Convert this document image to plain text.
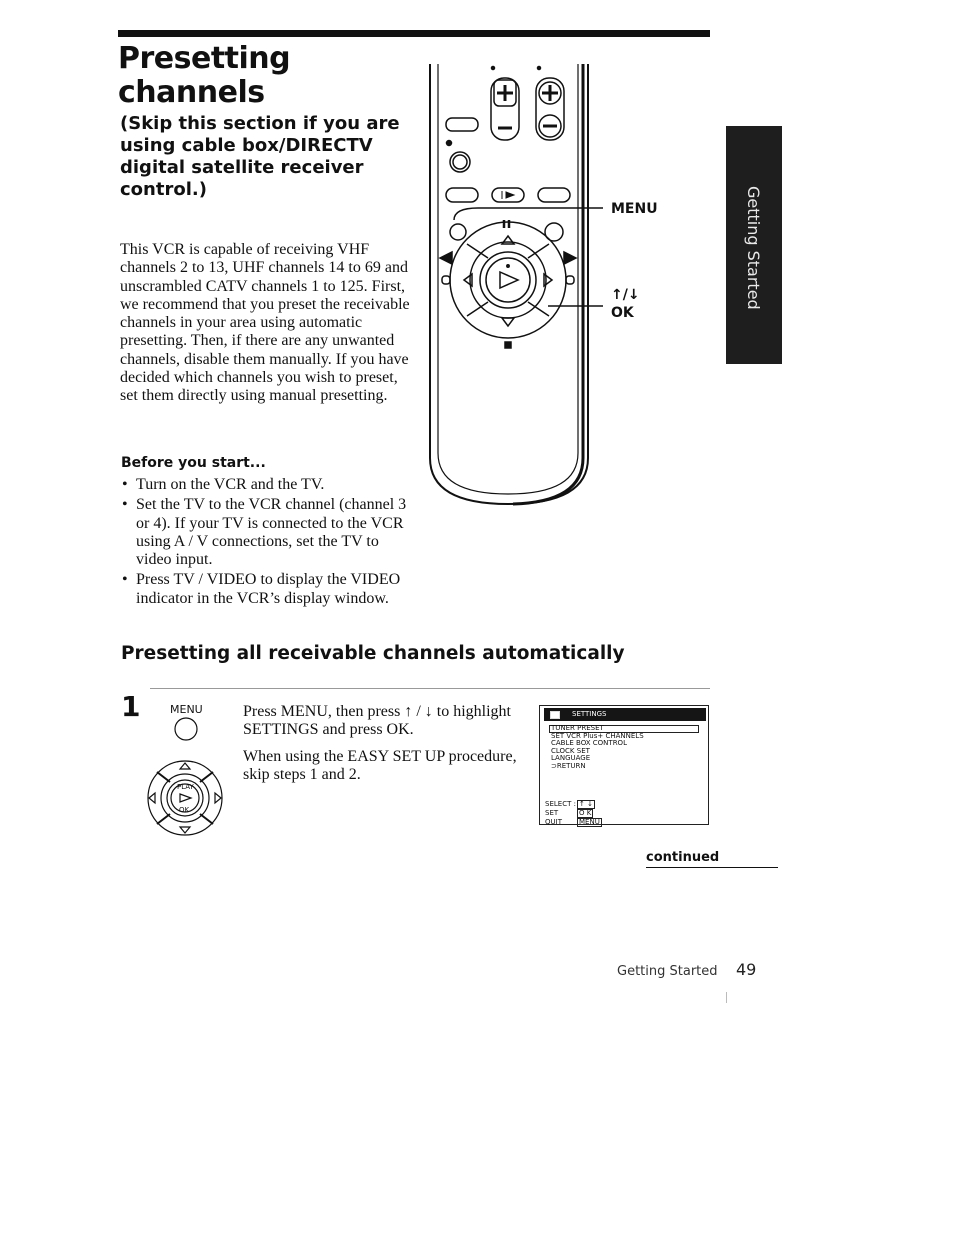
Presetting
channels

(Skip this section if you are using cable box/DIRECTV digital satellite receiver control.)

This VCR is capable of receiving VHF channels 2 to 13, UHF channels 14 to 69 and unscrambled CATV channels 1 to 125. First, we recommend that you preset the receivable channels in your area using automatic presetting. Then, if there are any unwanted channels, disable them manually. If you have decided which channels you wish to preset, set them directly using manual presetting.

Before you start...
• Turn on the VCR and the TV.
• Set the TV to the VCR channel (channel 3 or 4). If your TV is connected to the VCR using A / V connections, set the TV to video input.
• Press TV / VIDEO to display the VIDEO indicator in the VCR’s display window.
MENU
↑/↓
OK
Getting Started
Presetting all receivable channels automatically
1	MENU
PLAY
OK

Press MENU, then press ↑ / ↓ to highlight SETTINGS and press OK.

When using the EASY SET UP procedure, skip steps 1 and 2.

SETTINGS
TUNER PRESET
SET VCR Plus+ CHANNELS
CABLE BOX CONTROL
CLOCK SET
LANGUAGE
⊃RETURN
SELECT : ↑ ↓
SET	O K
QUIT	MENU
continued
Getting Started 49
